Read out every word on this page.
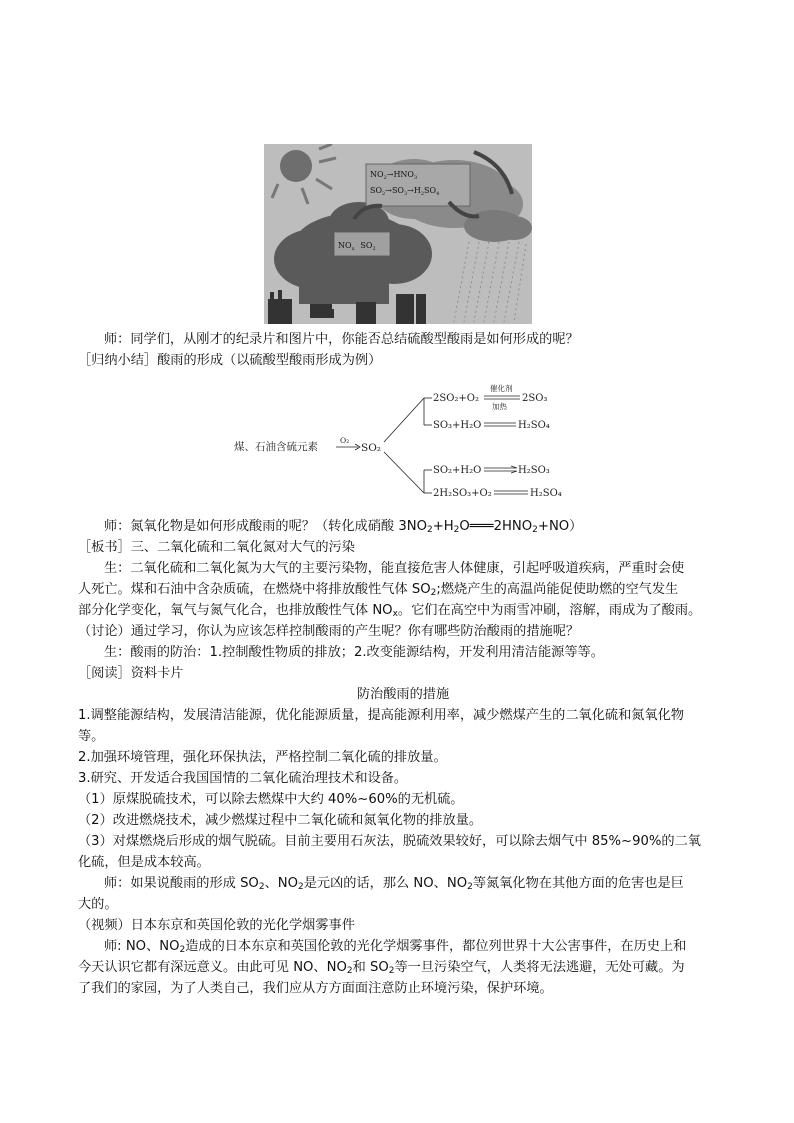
$NO_2\to HNO_3$
$SO_2\to SO_3\to H_2SO_4$
$NO_x$ $SO_2$
师：同学们，从刚才的纪录片和图片中，你能否总结硫酸型酸雨是如何形成的呢？
［归纳小结］酸雨的形成（以硫酸型酸雨形成为例）
煤、石油含硫元素
O₂
SO₂
2SO₂+O₂
催化剂
加热
2SO₃
SO₃+H₂O	H₂SO₄
SO₂+H₂O	H₂SO₃
2H₂SO₃+O₂	H₂SO₄
师：氮氧化物是如何形成酸雨的呢？（转化成硝酸 $3NO_2+H_2O═══2HNO_2+NO$）
［板书］三、二氧化硫和二氧化氮对大气的污染
生：二氧化硫和二氧化氮为大气的主要污染物，能直接危害人体健康，引起呼吸道疾病，严重时会使
人死亡。煤和石油中含杂质硫，在燃烧中将排放酸性气体 $SO_2$;燃烧产生的高温尚能促使助燃的空气发生
部分化学变化，氧气与氮气化合，也排放酸性气体 $NO_x$。它们在高空中为雨雪冲刷，溶解，雨成为了酸雨。
（讨论）通过学习，你认为应该怎样控制酸雨的产生呢？你有哪些防治酸雨的措施呢？
生：酸雨的防治：1.控制酸性物质的排放；2.改变能源结构，开发利用清洁能源等等。
［阅读］资料卡片
防治酸雨的措施
1.调整能源结构，发展清洁能源，优化能源质量，提高能源利用率，减少燃煤产生的二氧化硫和氮氧化物
等。
2.加强环境管理，强化环保执法，严格控制二氧化硫的排放量。
3.研究、开发适合我国国情的二氧化硫治理技术和设备。
（1）原煤脱硫技术，可以除去燃煤中大约 40%~60%的无机硫。
（2）改进燃烧技术，减少燃煤过程中二氧化硫和氮氧化物的排放量。
（3）对煤燃烧后形成的烟气脱硫。目前主要用石灰法，脱硫效果较好，可以除去烟气中 85%~90%的二氧
化硫，但是成本较高。
师：如果说酸雨的形成 $SO_2$、$NO_2$是元凶的话，那么 NO、$NO_2$等氮氧化物在其他方面的危害也是巨
大的。
（视频）日本东京和英国伦敦的光化学烟雾事件
师: NO、$NO_2$造成的日本东京和英国伦敦的光化学烟雾事件，都位列世界十大公害事件，在历史上和
今天认识它都有深远意义。由此可见 NO、$NO_2$和 $SO_2$等一旦污染空气，人类将无法逃避，无处可藏。为
了我们的家园，为了人类自己，我们应从方方面面注意防止环境污染，保护环境。
